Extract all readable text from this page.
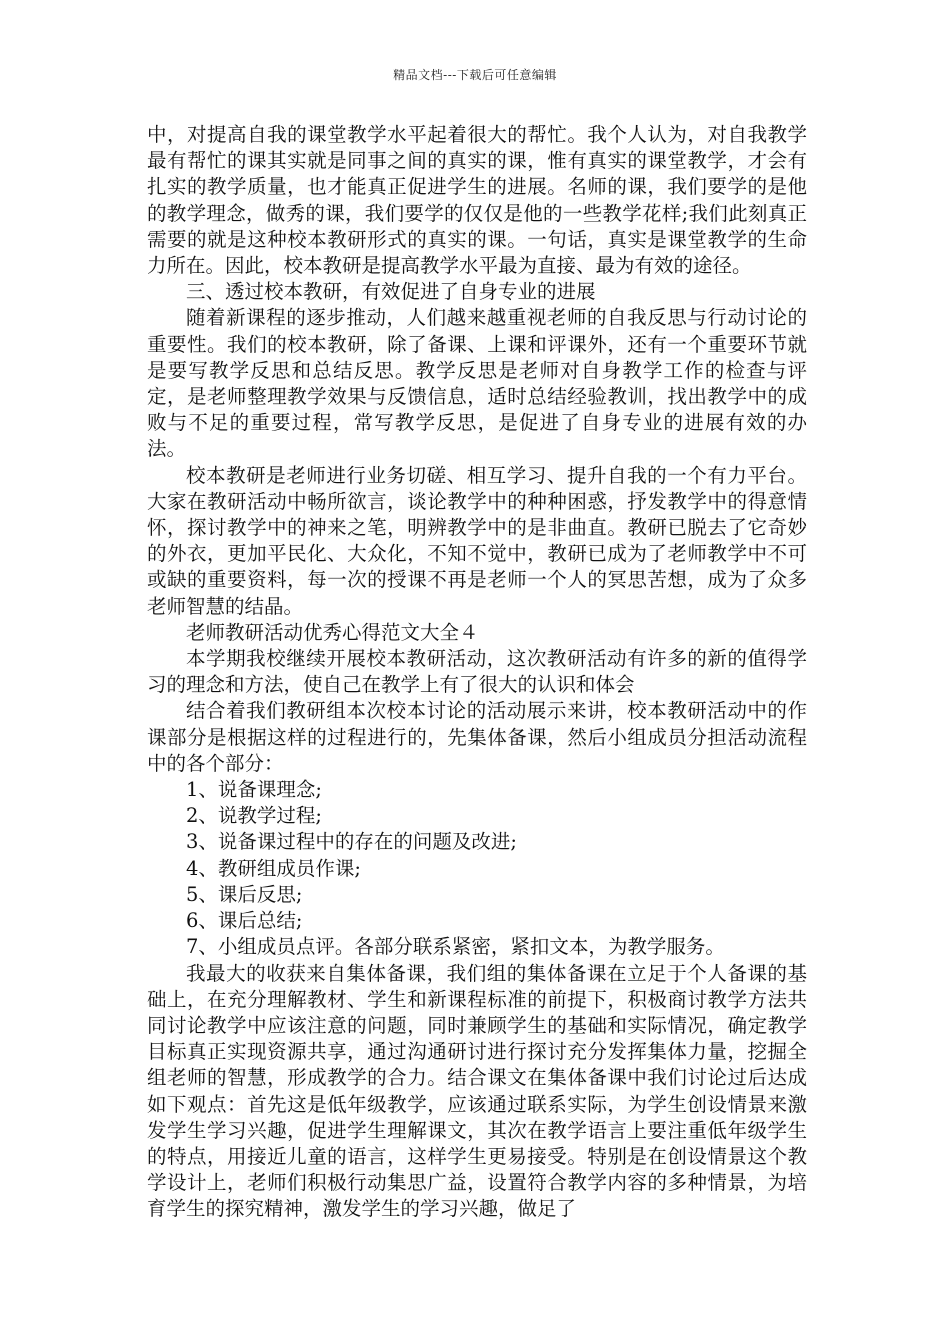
精品文档---下载后可任意编辑

中，对提高自我的课堂教学水平起着很大的帮忙。我个人认为，对自我教学最有帮忙的课其实就是同事之间的真实的课，惟有真实的课堂教学，才会有扎实的教学质量，也才能真正促进学生的进展。名师的课，我们要学的是他的教学理念，做秀的课，我们要学的仅仅是他的一些教学花样;我们此刻真正需要的就是这种校本教研形式的真实的课。一句话，真实是课堂教学的生命力所在。因此，校本教研是提高教学水平最为直接、最为有效的途径。

三、透过校本教研，有效促进了自身专业的进展

随着新课程的逐步推动，人们越来越重视老师的自我反思与行动讨论的重要性。我们的校本教研，除了备课、上课和评课外，还有一个重要环节就是要写教学反思和总结反思。教学反思是老师对自身教学工作的检查与评定，是老师整理教学效果与反馈信息，适时总结经验教训，找出教学中的成败与不足的重要过程，常写教学反思，是促进了自身专业的进展有效的办法。

校本教研是老师进行业务切磋、相互学习、提升自我的一个有力平台。大家在教研活动中畅所欲言，谈论教学中的种种困惑，抒发教学中的得意情怀，探讨教学中的神来之笔，明辨教学中的是非曲直。教研已脱去了它奇妙的外衣，更加平民化、大众化，不知不觉中，教研已成为了老师教学中不可或缺的重要资料，每一次的授课不再是老师一个人的冥思苦想，成为了众多老师智慧的结晶。

老师教研活动优秀心得范文大全４

本学期我校继续开展校本教研活动，这次教研活动有许多的新的值得学习的理念和方法，使自己在教学上有了很大的认识和体会

结合着我们教研组本次校本讨论的活动展示来讲，校本教研活动中的作课部分是根据这样的过程进行的，先集体备课，然后小组成员分担活动流程中的各个部分：

1、说备课理念;

2、说教学过程;

3、说备课过程中的存在的问题及改进;

4、教研组成员作课;

5、课后反思;

6、课后总结;

7、小组成员点评。各部分联系紧密，紧扣文本，为教学服务。

我最大的收获来自集体备课，我们组的集体备课在立足于个人备课的基础上，在充分理解教材、学生和新课程标准的前提下，积极商讨教学方法共同讨论教学中应该注意的问题，同时兼顾学生的基础和实际情况，确定教学目标真正实现资源共享，通过沟通研讨进行探讨充分发挥集体力量，挖掘全组老师的智慧，形成教学的合力。结合课文在集体备课中我们讨论过后达成如下观点：首先这是低年级教学，应该通过联系实际，为学生创设情景来激发学生学习兴趣，促进学生理解课文，其次在教学语言上要注重低年级学生的特点，用接近儿童的语言，这样学生更易接受。特别是在创设情景这个教学设计上，老师们积极行动集思广益，设置符合教学内容的多种情景，为培育学生的探究精神，激发学生的学习兴趣，做足了
